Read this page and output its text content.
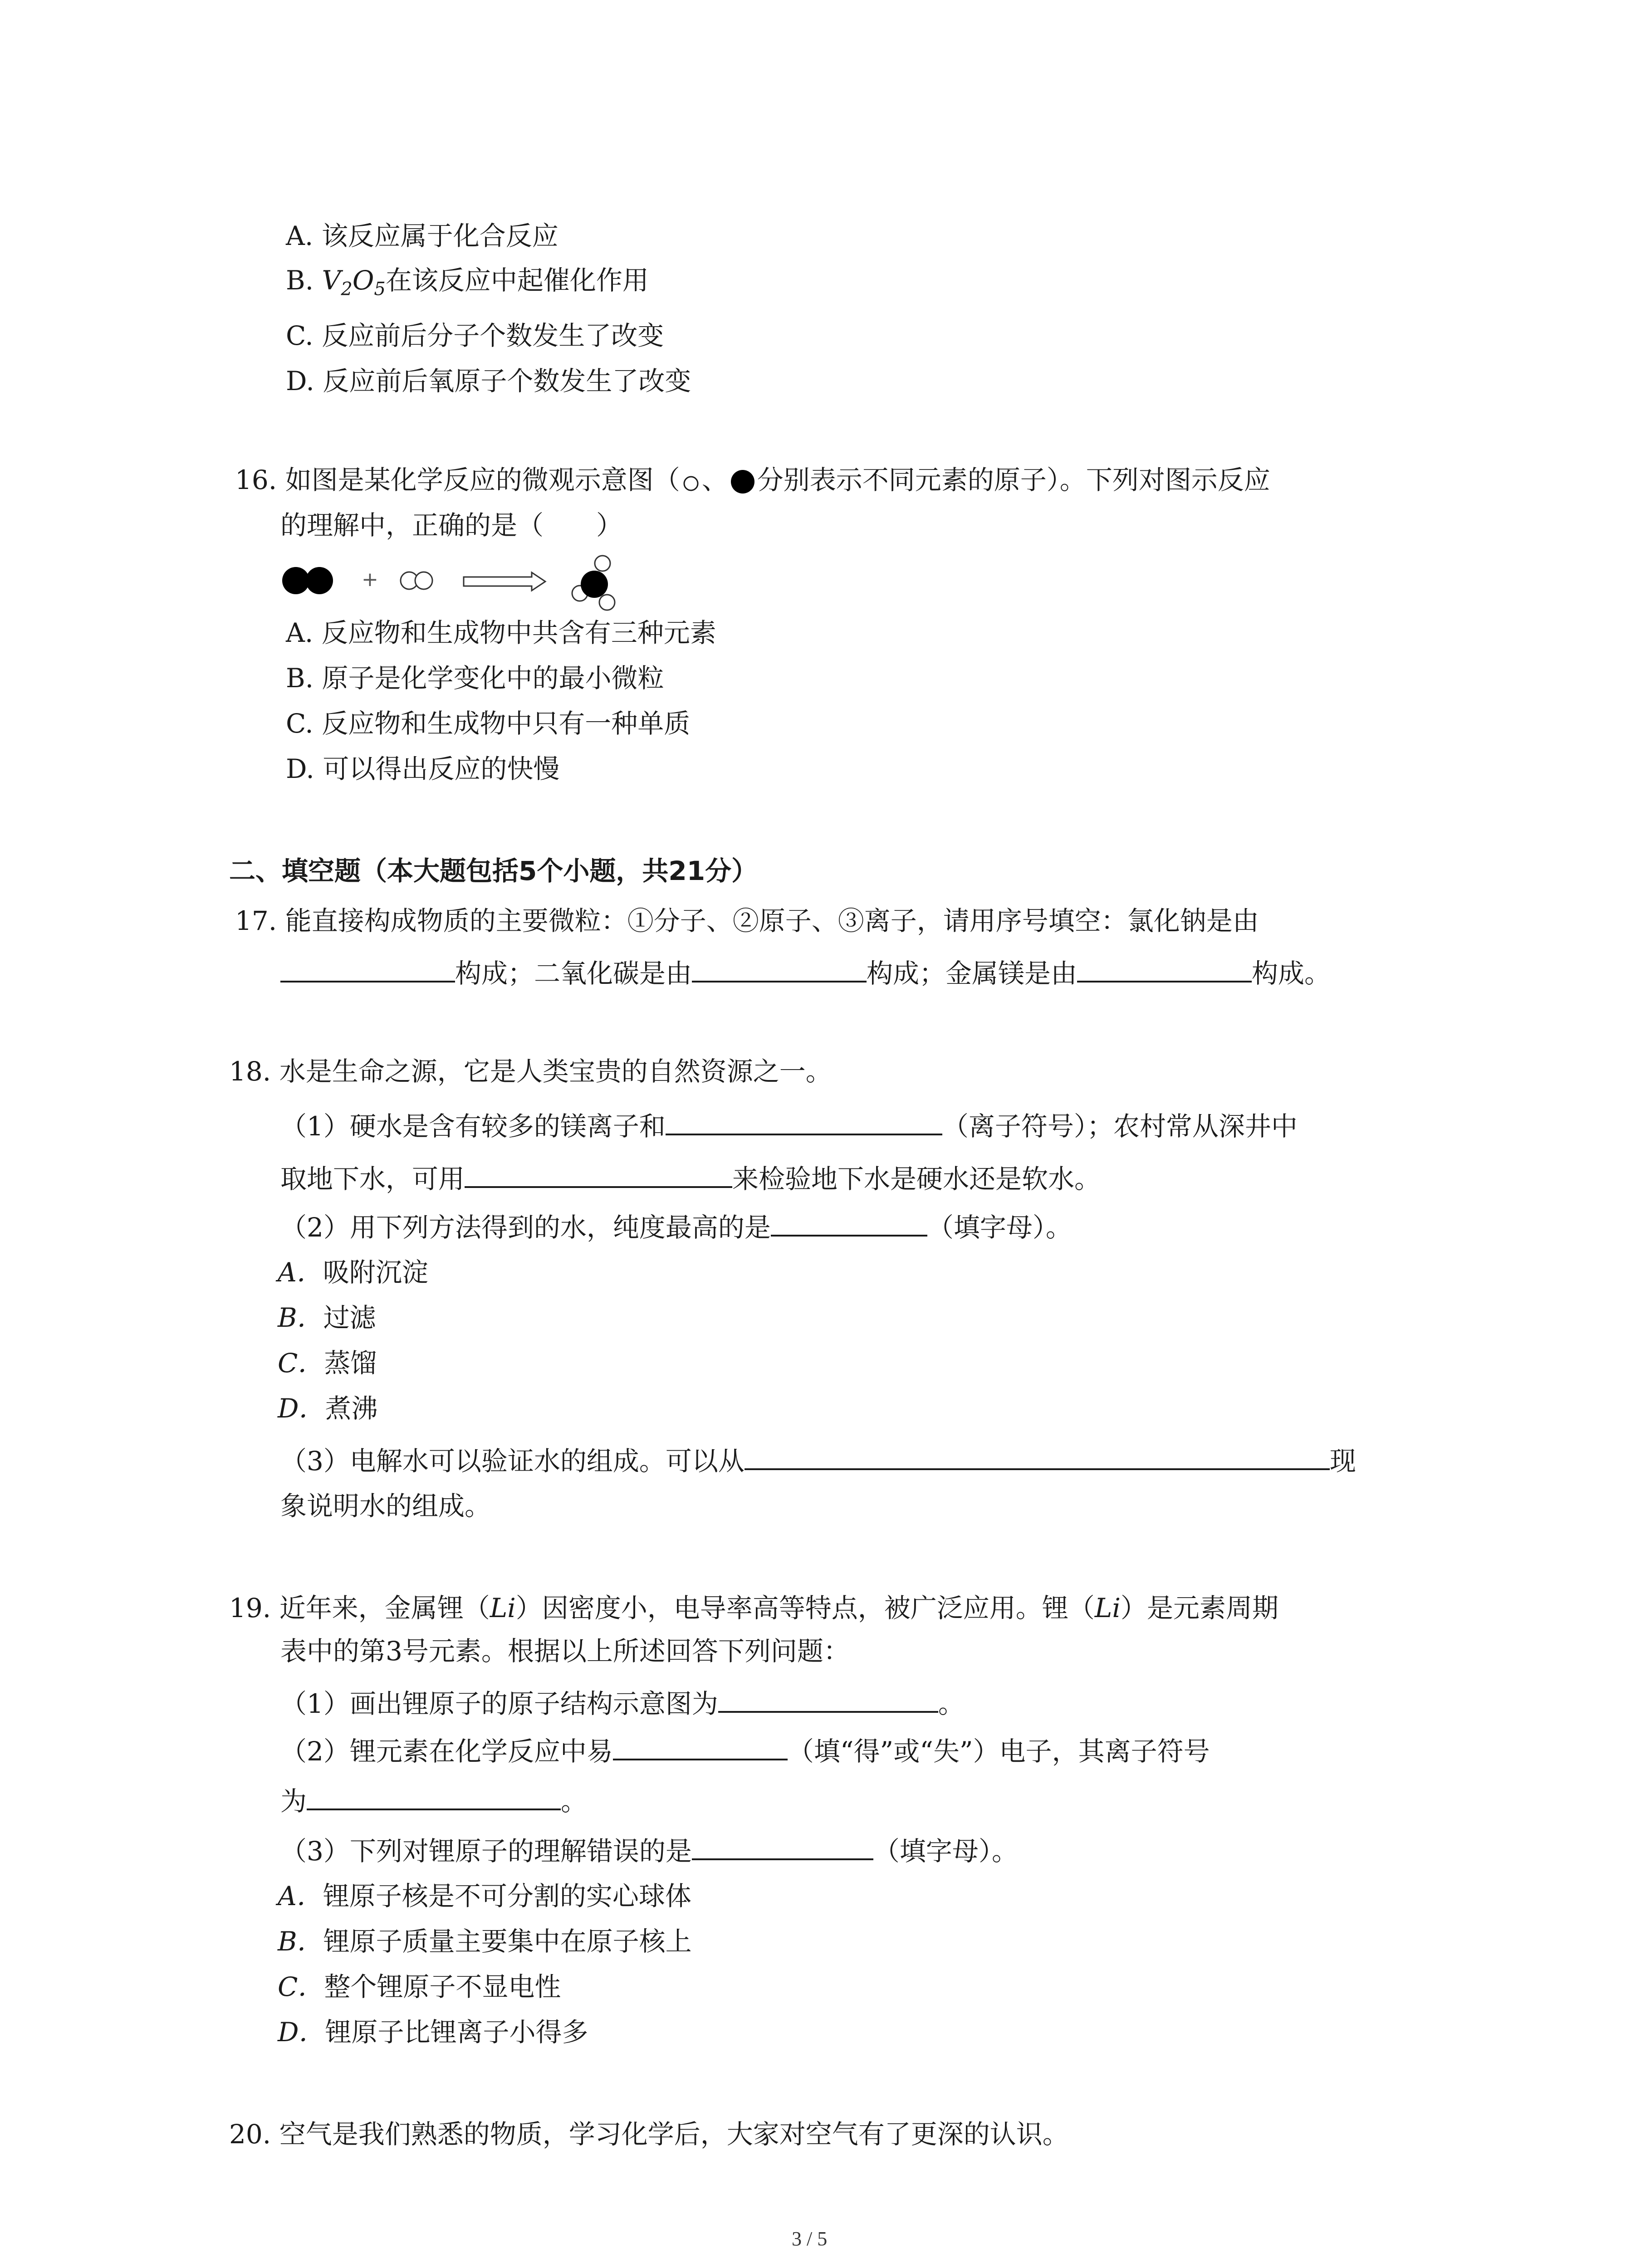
A. 该反应属于化合反应
B. $V_2O_5$在该反应中起催化作用
C. 反应前后分子个数发生了改变
D. 反应前后氧原子个数发生了改变
16. 如图是某化学反应的微观示意图（ 、 分别表示不同元素的原子）。下列对图示反应
的理解中，正确的是（　　）
+
A. 反应物和生成物中共含有三种元素
B. 原子是化学变化中的最小微粒
C. 反应物和生成物中只有一种单质
D. 可以得出反应的快慢
二、填空题（本大题包括5个小题，共21分）
17. 能直接构成物质的主要微粒：①分子、②原子、③离子，请用序号填空：氯化钠是由
构成；二氧化碳是由	构成；金属镁是由	构成。
18. 水是生命之源，它是人类宝贵的自然资源之一。
（1）硬水是含有较多的镁离子和	（离子符号）；农村常从深井中
取地下水，可用	来检验地下水是硬水还是软水。
（2）用下列方法得到的水，纯度最高的是	（填字母）。
A．吸附沉淀
B．过滤
C．蒸馏
D．煮沸
（3）电解水可以验证水的组成。可以从	现
象说明水的组成。
19. 近年来，金属锂（Li）因密度小，电导率高等特点，被广泛应用。锂（Li）是元素周期
表中的第3号元素。根据以上所述回答下列问题：
（1）画出锂原子的原子结构示意图为	。
（2）锂元素在化学反应中易	（填“得”或“失”）电子，其离子符号
为	。
（3）下列对锂原子的理解错误的是	（填字母）。
A．锂原子核是不可分割的实心球体
B．锂原子质量主要集中在原子核上
C．整个锂原子不显电性
D．锂原子比锂离子小得多
20. 空气是我们熟悉的物质，学习化学后，大家对空气有了更深的认识。
3 / 5
